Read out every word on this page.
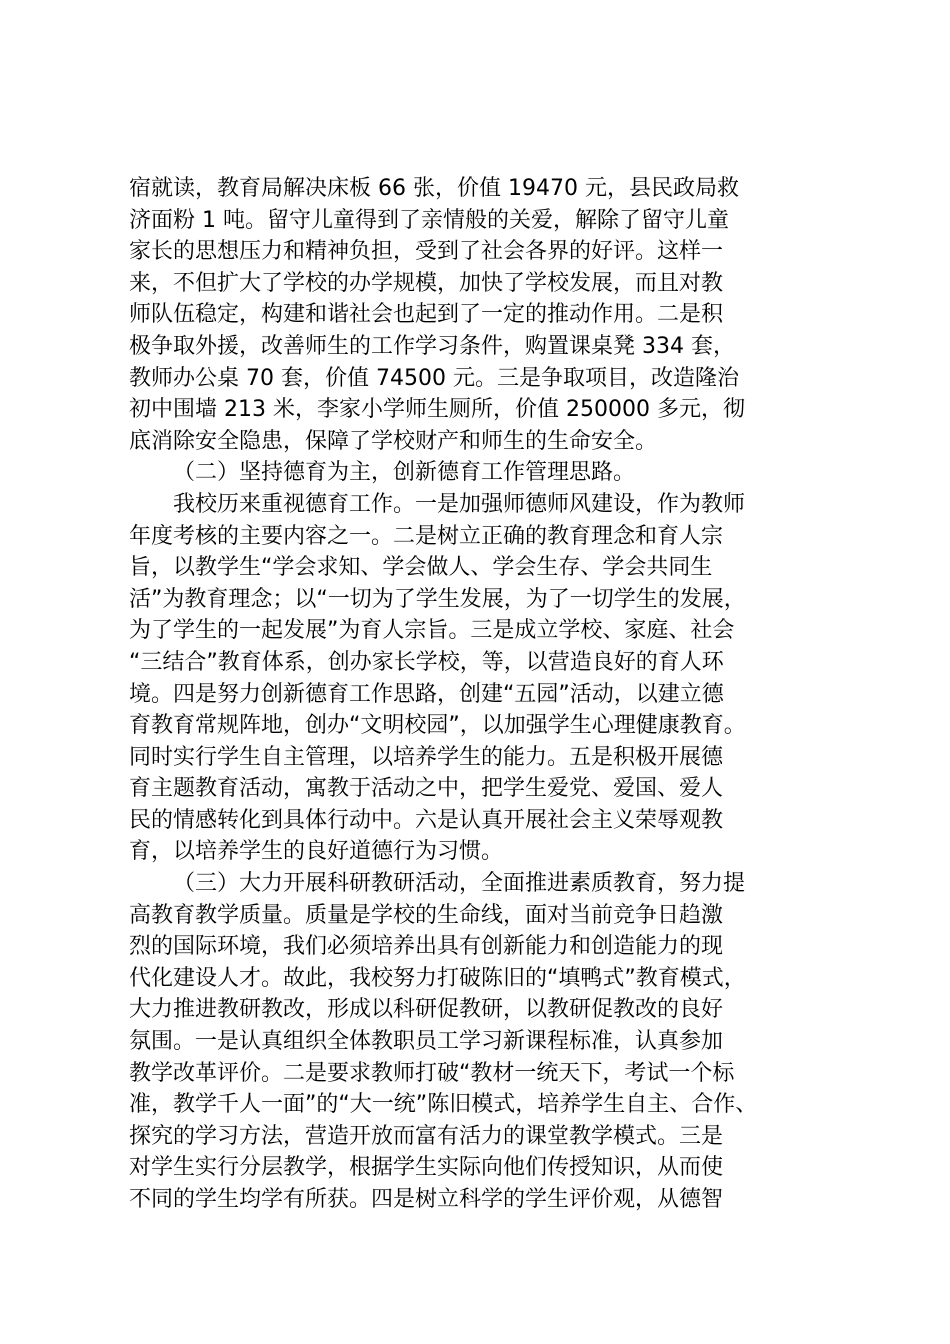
宿就读，教育局解决床板 66 张，价值 19470 元，县民政局救
济面粉 1 吨。留守儿童得到了亲情般的关爱，解除了留守儿童
家长的思想压力和精神负担，受到了社会各界的好评。这样一
来，不但扩大了学校的办学规模，加快了学校发展，而且对教
师队伍稳定，构建和谐社会也起到了一定的推动作用。二是积
极争取外援，改善师生的工作学习条件，购置课桌凳 334 套，
教师办公桌 70 套，价值 74500 元。三是争取项目，改造隆治
初中围墙 213 米，李家小学师生厕所，价值 250000 多元，彻
底消除安全隐患，保障了学校财产和师生的生命安全。
（二）坚持德育为主，创新德育工作管理思路。
我校历来重视德育工作。一是加强师德师风建设，作为教师
年度考核的主要内容之一。二是树立正确的教育理念和育人宗
旨，以教学生“学会求知、学会做人、学会生存、学会共同生
活”为教育理念；以“一切为了学生发展，为了一切学生的发展，
为了学生的一起发展”为育人宗旨。三是成立学校、家庭、社会
“三结合”教育体系，创办家长学校，等，以营造良好的育人环
境。四是努力创新德育工作思路，创建“五园”活动，以建立德
育教育常规阵地，创办“文明校园”，以加强学生心理健康教育。
同时实行学生自主管理，以培养学生的能力。五是积极开展德
育主题教育活动，寓教于活动之中，把学生爱党、爱国、爱人
民的情感转化到具体行动中。六是认真开展社会主义荣辱观教
育，以培养学生的良好道德行为习惯。
（三）大力开展科研教研活动，全面推进素质教育，努力提
高教育教学质量。质量是学校的生命线，面对当前竞争日趋激
烈的国际环境，我们必须培养出具有创新能力和创造能力的现
代化建设人才。故此，我校努力打破陈旧的“填鸭式”教育模式，
大力推进教研教改，形成以科研促教研，以教研促教改的良好
氛围。一是认真组织全体教职员工学习新课程标准，认真参加
教学改革评价。二是要求教师打破“教材一统天下，考试一个标
准，教学千人一面”的“大一统”陈旧模式，培养学生自主、合作、
探究的学习方法，营造开放而富有活力的课堂教学模式。三是
对学生实行分层教学，根据学生实际向他们传授知识，从而使
不同的学生均学有所获。四是树立科学的学生评价观，从德智
